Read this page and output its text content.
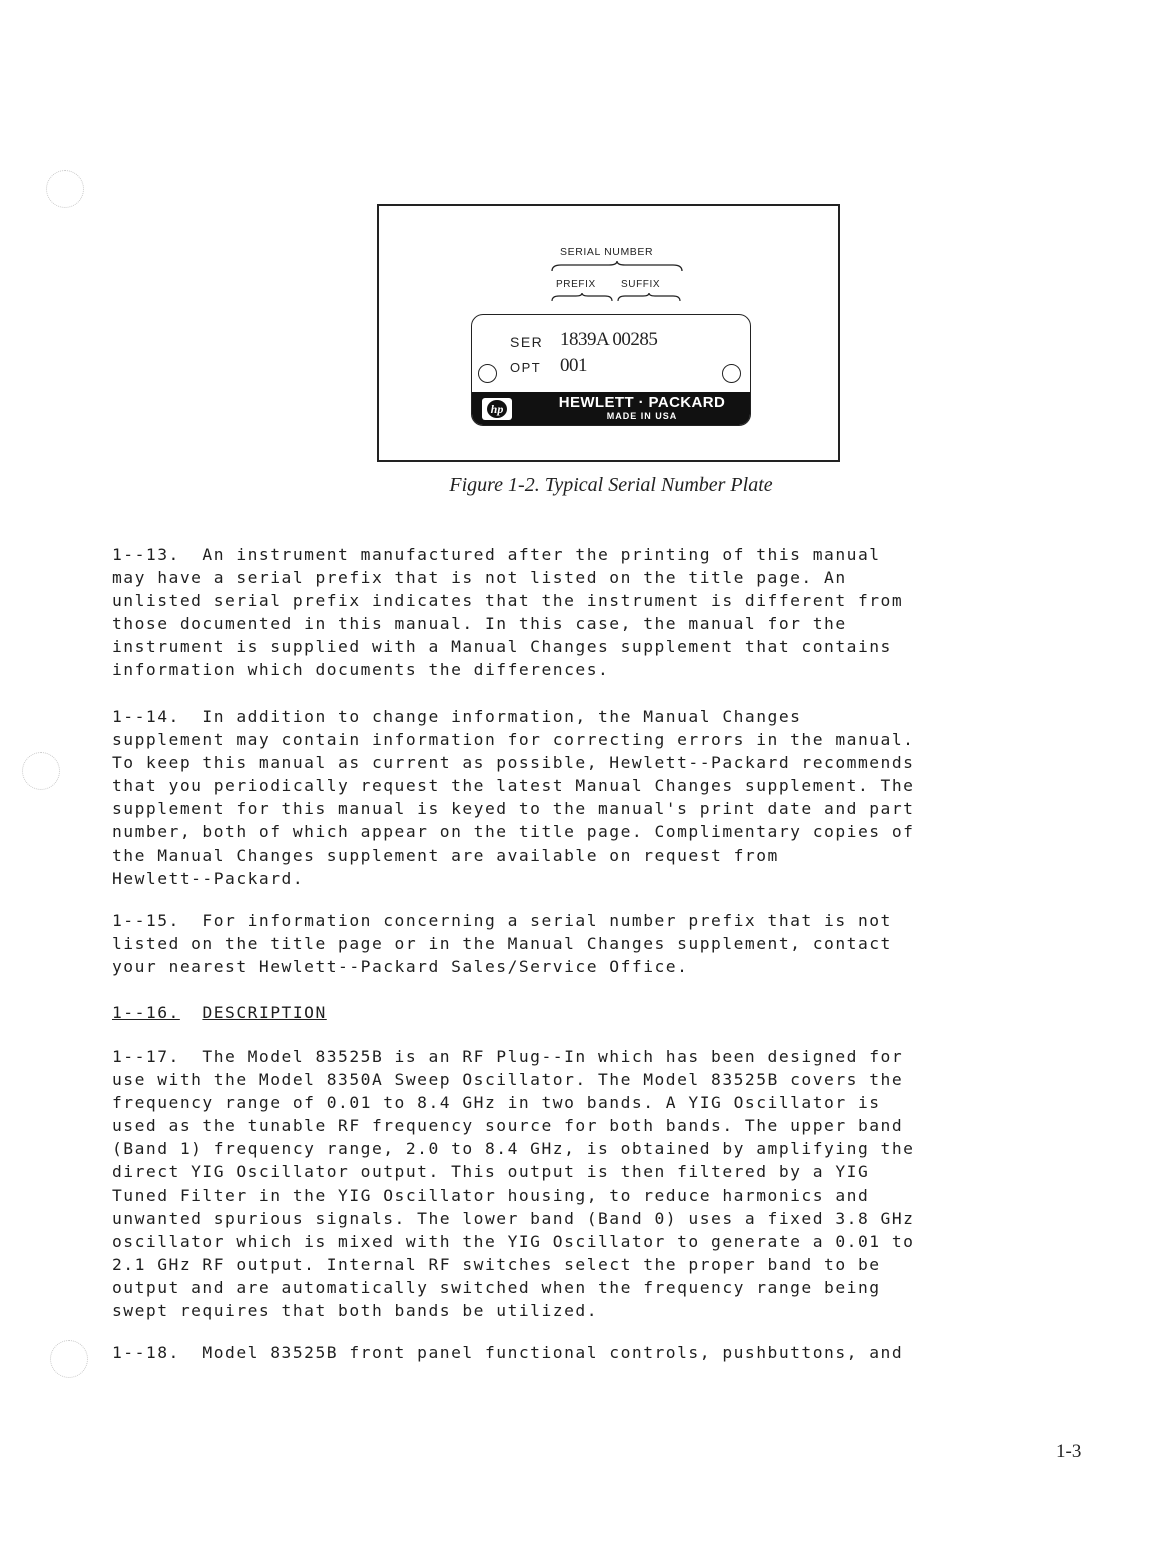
SERIAL NUMBER
PREFIX	SUFFIX
SER 1839A 00285
OPT 001
hp	HEWLETT · PACKARD
MADE IN USA
Figure 1-2. Typical Serial Number Plate
1--13.  An instrument manufactured after the printing of this manual
may have a serial prefix that is not listed on the title page. An
unlisted serial prefix indicates that the instrument is different from
those documented in this manual. In this case, the manual for the
instrument is supplied with a Manual Changes supplement that contains
information which documents the differences.
1--14.  In addition to change information, the Manual Changes
supplement may contain information for correcting errors in the manual.
To keep this manual as current as possible, Hewlett--Packard recommends
that you periodically request the latest Manual Changes supplement. The
supplement for this manual is keyed to the manual's print date and part
number, both of which appear on the title page. Complimentary copies of
the Manual Changes supplement are available on request from
Hewlett--Packard.
1--15.  For information concerning a serial number prefix that is not
listed on the title page or in the Manual Changes supplement, contact
your nearest Hewlett--Packard Sales/Service Office.
1--16. DESCRIPTION
1--17.  The Model 83525B is an RF Plug--In which has been designed for
use with the Model 8350A Sweep Oscillator. The Model 83525B covers the
frequency range of 0.01 to 8.4 GHz in two bands. A YIG Oscillator is
used as the tunable RF frequency source for both bands. The upper band
(Band 1) frequency range, 2.0 to 8.4 GHz, is obtained by amplifying the
direct YIG Oscillator output. This output is then filtered by a YIG
Tuned Filter in the YIG Oscillator housing, to reduce harmonics and
unwanted spurious signals. The lower band (Band 0) uses a fixed 3.8 GHz
oscillator which is mixed with the YIG Oscillator to generate a 0.01 to
2.1 GHz RF output. Internal RF switches select the proper band to be
output and are automatically switched when the frequency range being
swept requires that both bands be utilized.
1--18.  Model 83525B front panel functional controls, pushbuttons, and
1-3
